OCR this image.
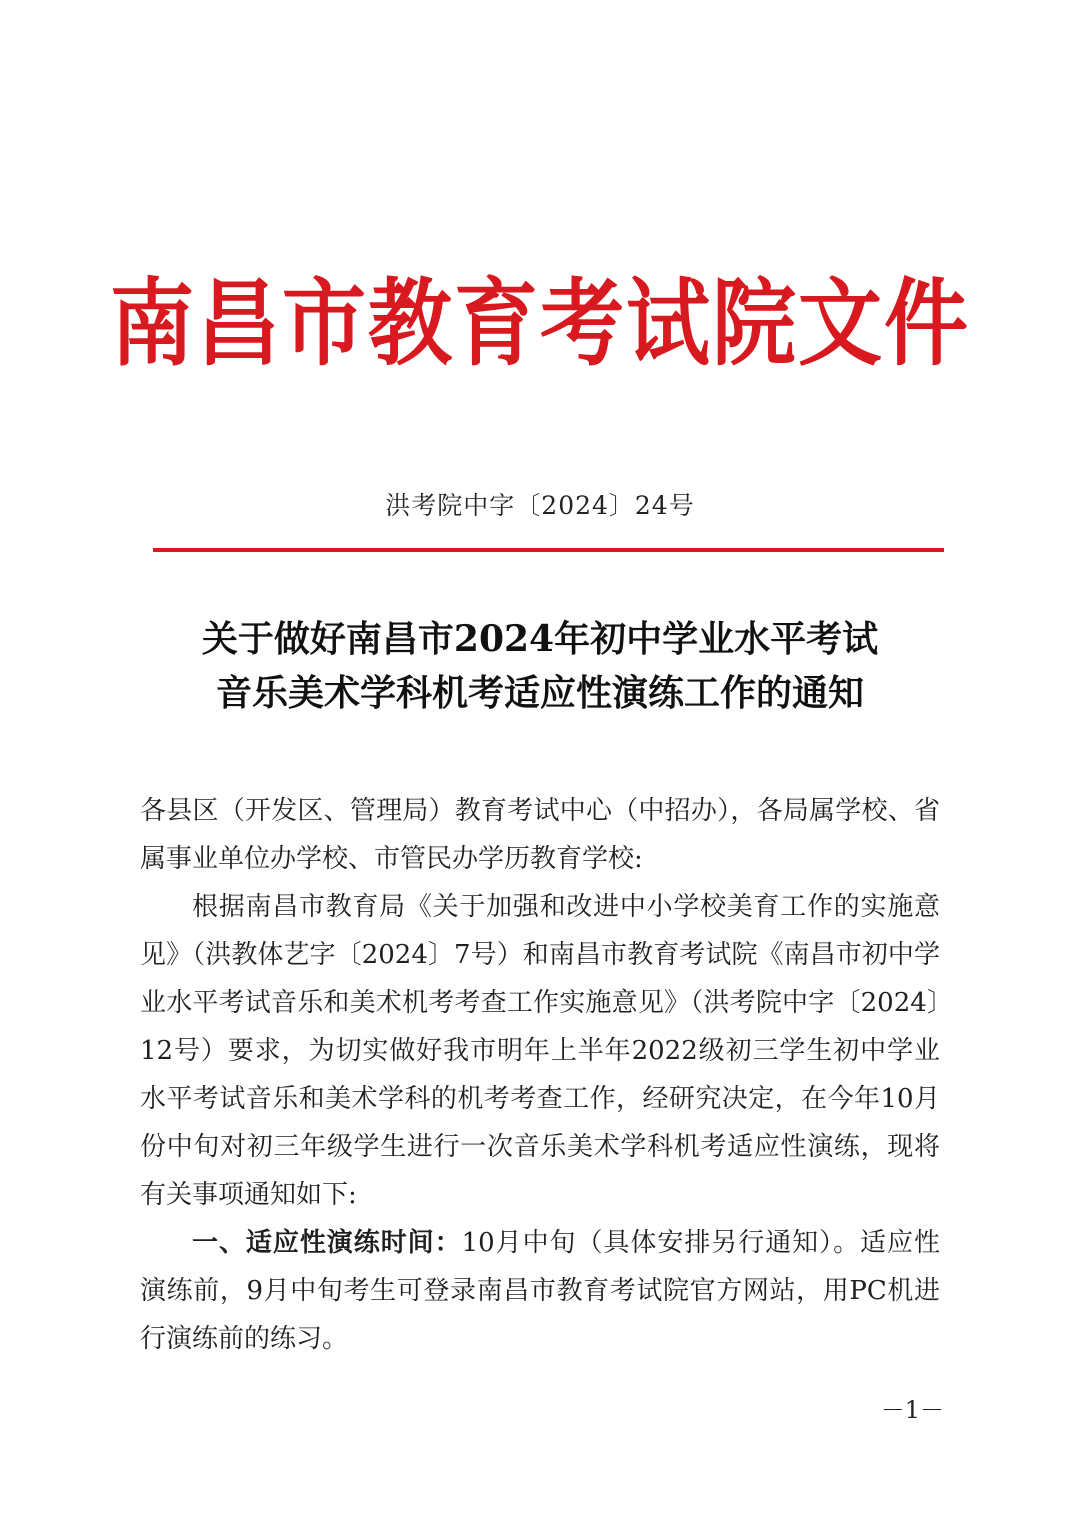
南昌市教育考试院文件
洪考院中字〔2024〕24号
关于做好南昌市2024年初中学业水平考试
音乐美术学科机考适应性演练工作的通知

各县区（开发区、管理局）教育考试中心（中招办），各局属学校、省属事业单位办学校、市管民办学历教育学校:

根据南昌市教育局《关于加强和改进中小学校美育工作的实施意见》（洪教体艺字〔2024〕7号）和南昌市教育考试院《南昌市初中学业水平考试音乐和美术机考考查工作实施意见》（洪考院中字〔2024〕12号）要求，为切实做好我市明年上半年2022级初三学生初中学业水平考试音乐和美术学科的机考考查工作，经研究决定，在今年10月份中旬对初三年级学生进行一次音乐美术学科机考适应性演练，现将有关事项通知如下:

一、适应性演练时间：10月中旬（具体安排另行通知）。适应性演练前，9月中旬考生可登录南昌市教育考试院官方网站，用PC机进行演练前的练习。

－1－
